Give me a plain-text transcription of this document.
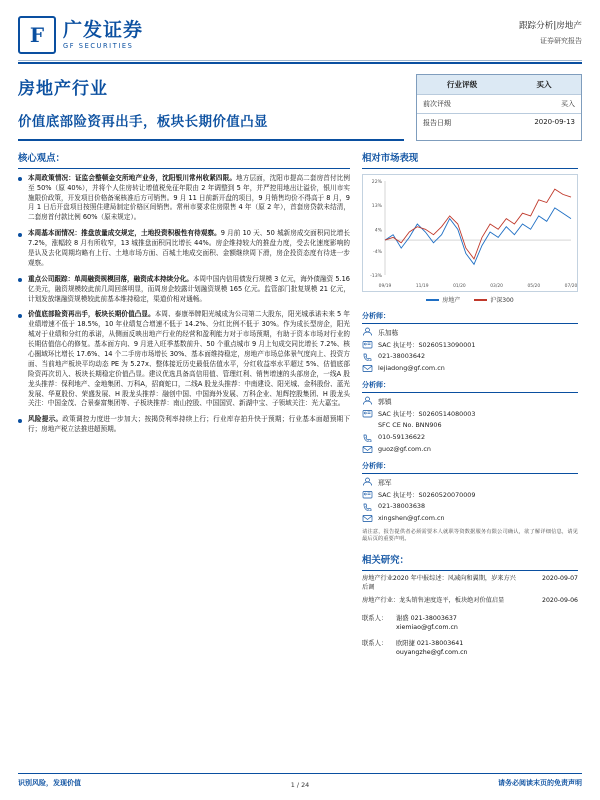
F 广发证券
GF SECURITIES
跟踪分析|房地产
证券研究报告
房地产行业
价值底部险资再出手，板块长期价值凸显
行业评级	买入
前次评级	买入
报告日期	2020-09-13
核心观点：
本周政策情况：证监会整顿金交所地产业务，沈阳银川常州收紧四限。地方层面，沈阳市提高二套房首付比例至 50%（原 40%），并将个人住房转让增值税免征年限由 2 年调整到 5 年，并严控用地出让溢价，银川市实施限价政策，开发项目价格备案核准后方可销售。9 月 11 日前新开盘的项目，9 月销售均价不得高于 8 月，9 月 1 日后开盘项目按照住建局制定价格区间销售。常州市要求住房限售 4 年（原 2 年），首套房贷款未结清，二套房首付款比例 60%（原未规定）。
本周基本面情况：推盘放量成交规定，土地投资积极性有待观察。9 月前 10 天、50 城新房成交面积同比增长 7.2%，涨幅较 8 月有所收窄，13 城推盘面积同比增长 44%。房企维持较大的推盘力度，受去化速度影响的是认及去化周期均略有上行、土地市场方面、百城土地成交面积、金额继续周下滑，房企投资态度有待进一步观察。
重点公司跟踪：单周融资规模回落，融资成本持续分化。本周中国内信用债发行规模 3 亿元，海外债融资 5.16 亿美元，融资规模较此前几周回落明显，而周房企较露计划融资规模 165 亿元。监管部门批复规模 21 亿元，计划发放继融资规模较此前基本维持稳定，渠道价相对通畅。
价值底部险资再出手，板块长期价值凸显。本周、泰康举牌阳光城成为公司第二大股东，阳光城承诺未来 5 年业绩增速不低于 18.5%，10 年业绩复合增速不低于 14.2%、分红比例不低于 30%。作为成长型房企，阳光城对于业绩和分红的承诺，从侧面反映出地产行业的经营和盈利能力对于市场预期，有助于资本市场对行业的长期估值信心的修复。基本面方向、9 月进入旺季基数前升、50 个重点城市 9 月上旬成交同比增长 7.2%、核心圈域环比增长 17.6%、14 个二手房市场增长 30%、基本面维持稳定，房地产市场总体景气度向上、投资方面、当前地产板块平均动态 PE 为 5.27x、整体接近历史最低估值水平，分红收益率水平超过 5%、估值底部险资再次切入、板块长期稳定价值凸显。建议优选具备高信用值、管理红利、销售增速的头部房企，一线A 股龙头推荐：保利地产、金地集团、万科A，招商蛇口，二线A 股龙头推荐：中南建设、阳光城、金科股份、蓝光发展、华夏股份、荣盛发展、H 股龙头推荐：融创中国、中国海外发展、万科企业、旭辉控股集团、H 股龙头关注：中国金茂、合景泰富集团等、子板块推荐：南山控股、中国国贸、新湖中宝、子领域关注：光大嘉宝。
风险提示。政策调控力度进一步加大；按揭贷利率持续上行；行业库存拍升快于预期；行业基本面超预期下行；房地产税立法推进超预期。
相对市场表现
22%
13%
4%
-4%
-13%
09/19	11/19	01/20	03/20	05/20	07/20
房地产	沪深300
分析师：
乐加栋
SAC 执证号：S0260513090001
021-38003642
lejiadong@gf.com.cn
分析师：
郭镇
SAC 执证号：S0260514080003
SFC CE No. BNN906
010-59136622
guoz@gf.com.cn
分析师：
邢军
SAC 执证号：S0260520070009
021-38003638
xingshen@gf.com.cn
请注意，报告提供者必须需要本人就职等资数据服务有限公司确认，欲了解详细信息，请见最后页的重要声明。
相关研究：
房地产行业2020 年中报综述：风减向和翼期，岁来方兴后调
2020-09-07
房地产行业：龙头销售速度连平，板块绝对价值启显	2020-09-06
联系人：	谢盛 021-38003637
xiemiao@gf.com.cn
联系人：	欧阳捷 021-38003641
ouyangzhe@gf.com.cn
识别风险，发现价值	请务必阅读末页的免责声明
1 / 24
